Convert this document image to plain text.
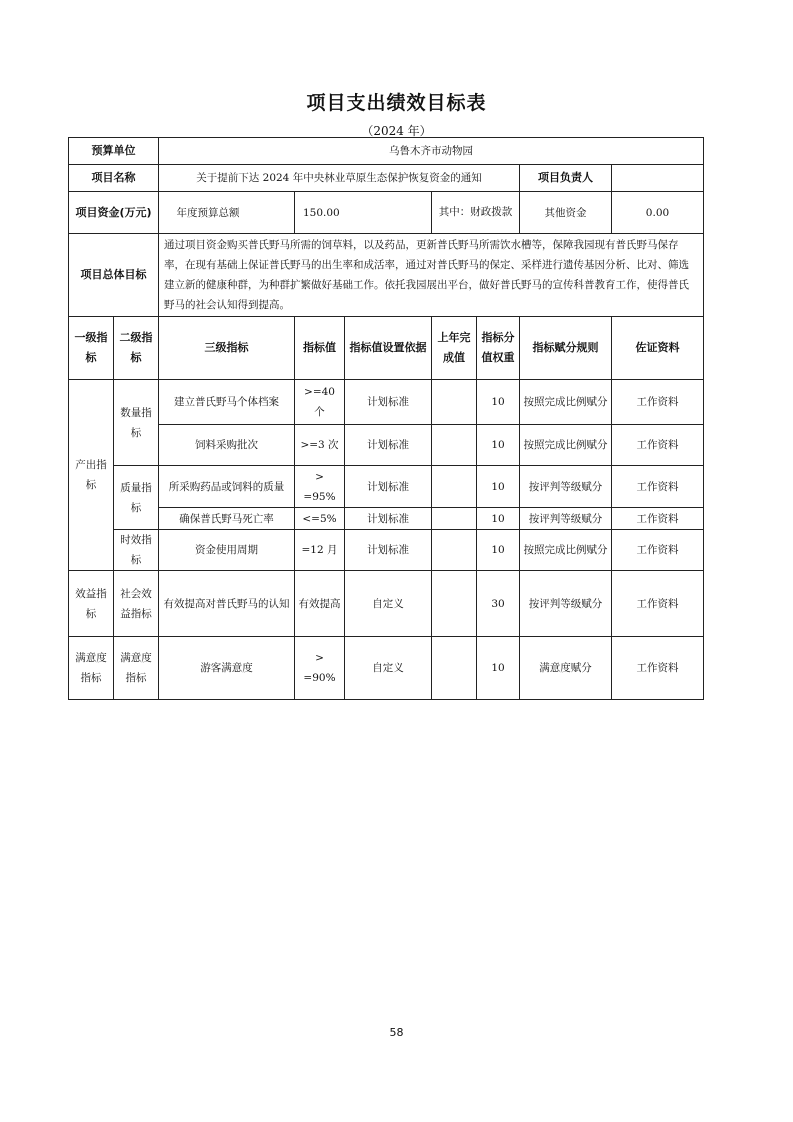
项目支出绩效目标表
（2024 年）
预算单位		乌鲁木齐市动物园						
项目名称		关于提前下达 2024 年中央林业草原生态保护恢复资金的通知					项目负责人	
项目资金(万元)		年度预算总额	150.00		其中：财政拨款		其他资金	0.00
项目总体目标		通过项目资金购买普氏野马所需的饲草料，以及药品，更新普氏野马所需饮水槽等，保障我园现有普氏野马保存率，在现有基础上保证普氏野马的出生率和成活率，通过对普氏野马的保定、采样进行遗传基因分析、比对、筛选建立新的健康种群，为种群扩繁做好基础工作。依托我园展出平台，做好普氏野马的宣传科普教育工作，使得普氏野马的社会认知得到提高。						
一级指标	二级指标	三级指标	指标值	指标值设置依据	上年完成值	指标分值权重	指标赋分规则	佐证资料
产出指标	数量指标	建立普氏野马个体档案	>=40 个	计划标准		10	按照完成比例赋分	工作资料
		饲料采购批次	>=3 次	计划标准		10	按照完成比例赋分	工作资料
	质量指标	所采购药品或饲料的质量	> =95%	计划标准		10	按评判等级赋分	工作资料
		确保普氏野马死亡率	<=5%	计划标准		10	按评判等级赋分	工作资料
	时效指标	资金使用周期	=12 月	计划标准		10	按照完成比例赋分	工作资料
效益指标	社会效益指标	有效提高对普氏野马的认知	有效提高	自定义		30	按评判等级赋分	工作资料
满意度指标	满意度指标	游客满意度	> =90%	自定义		10	满意度赋分	工作资料
58
